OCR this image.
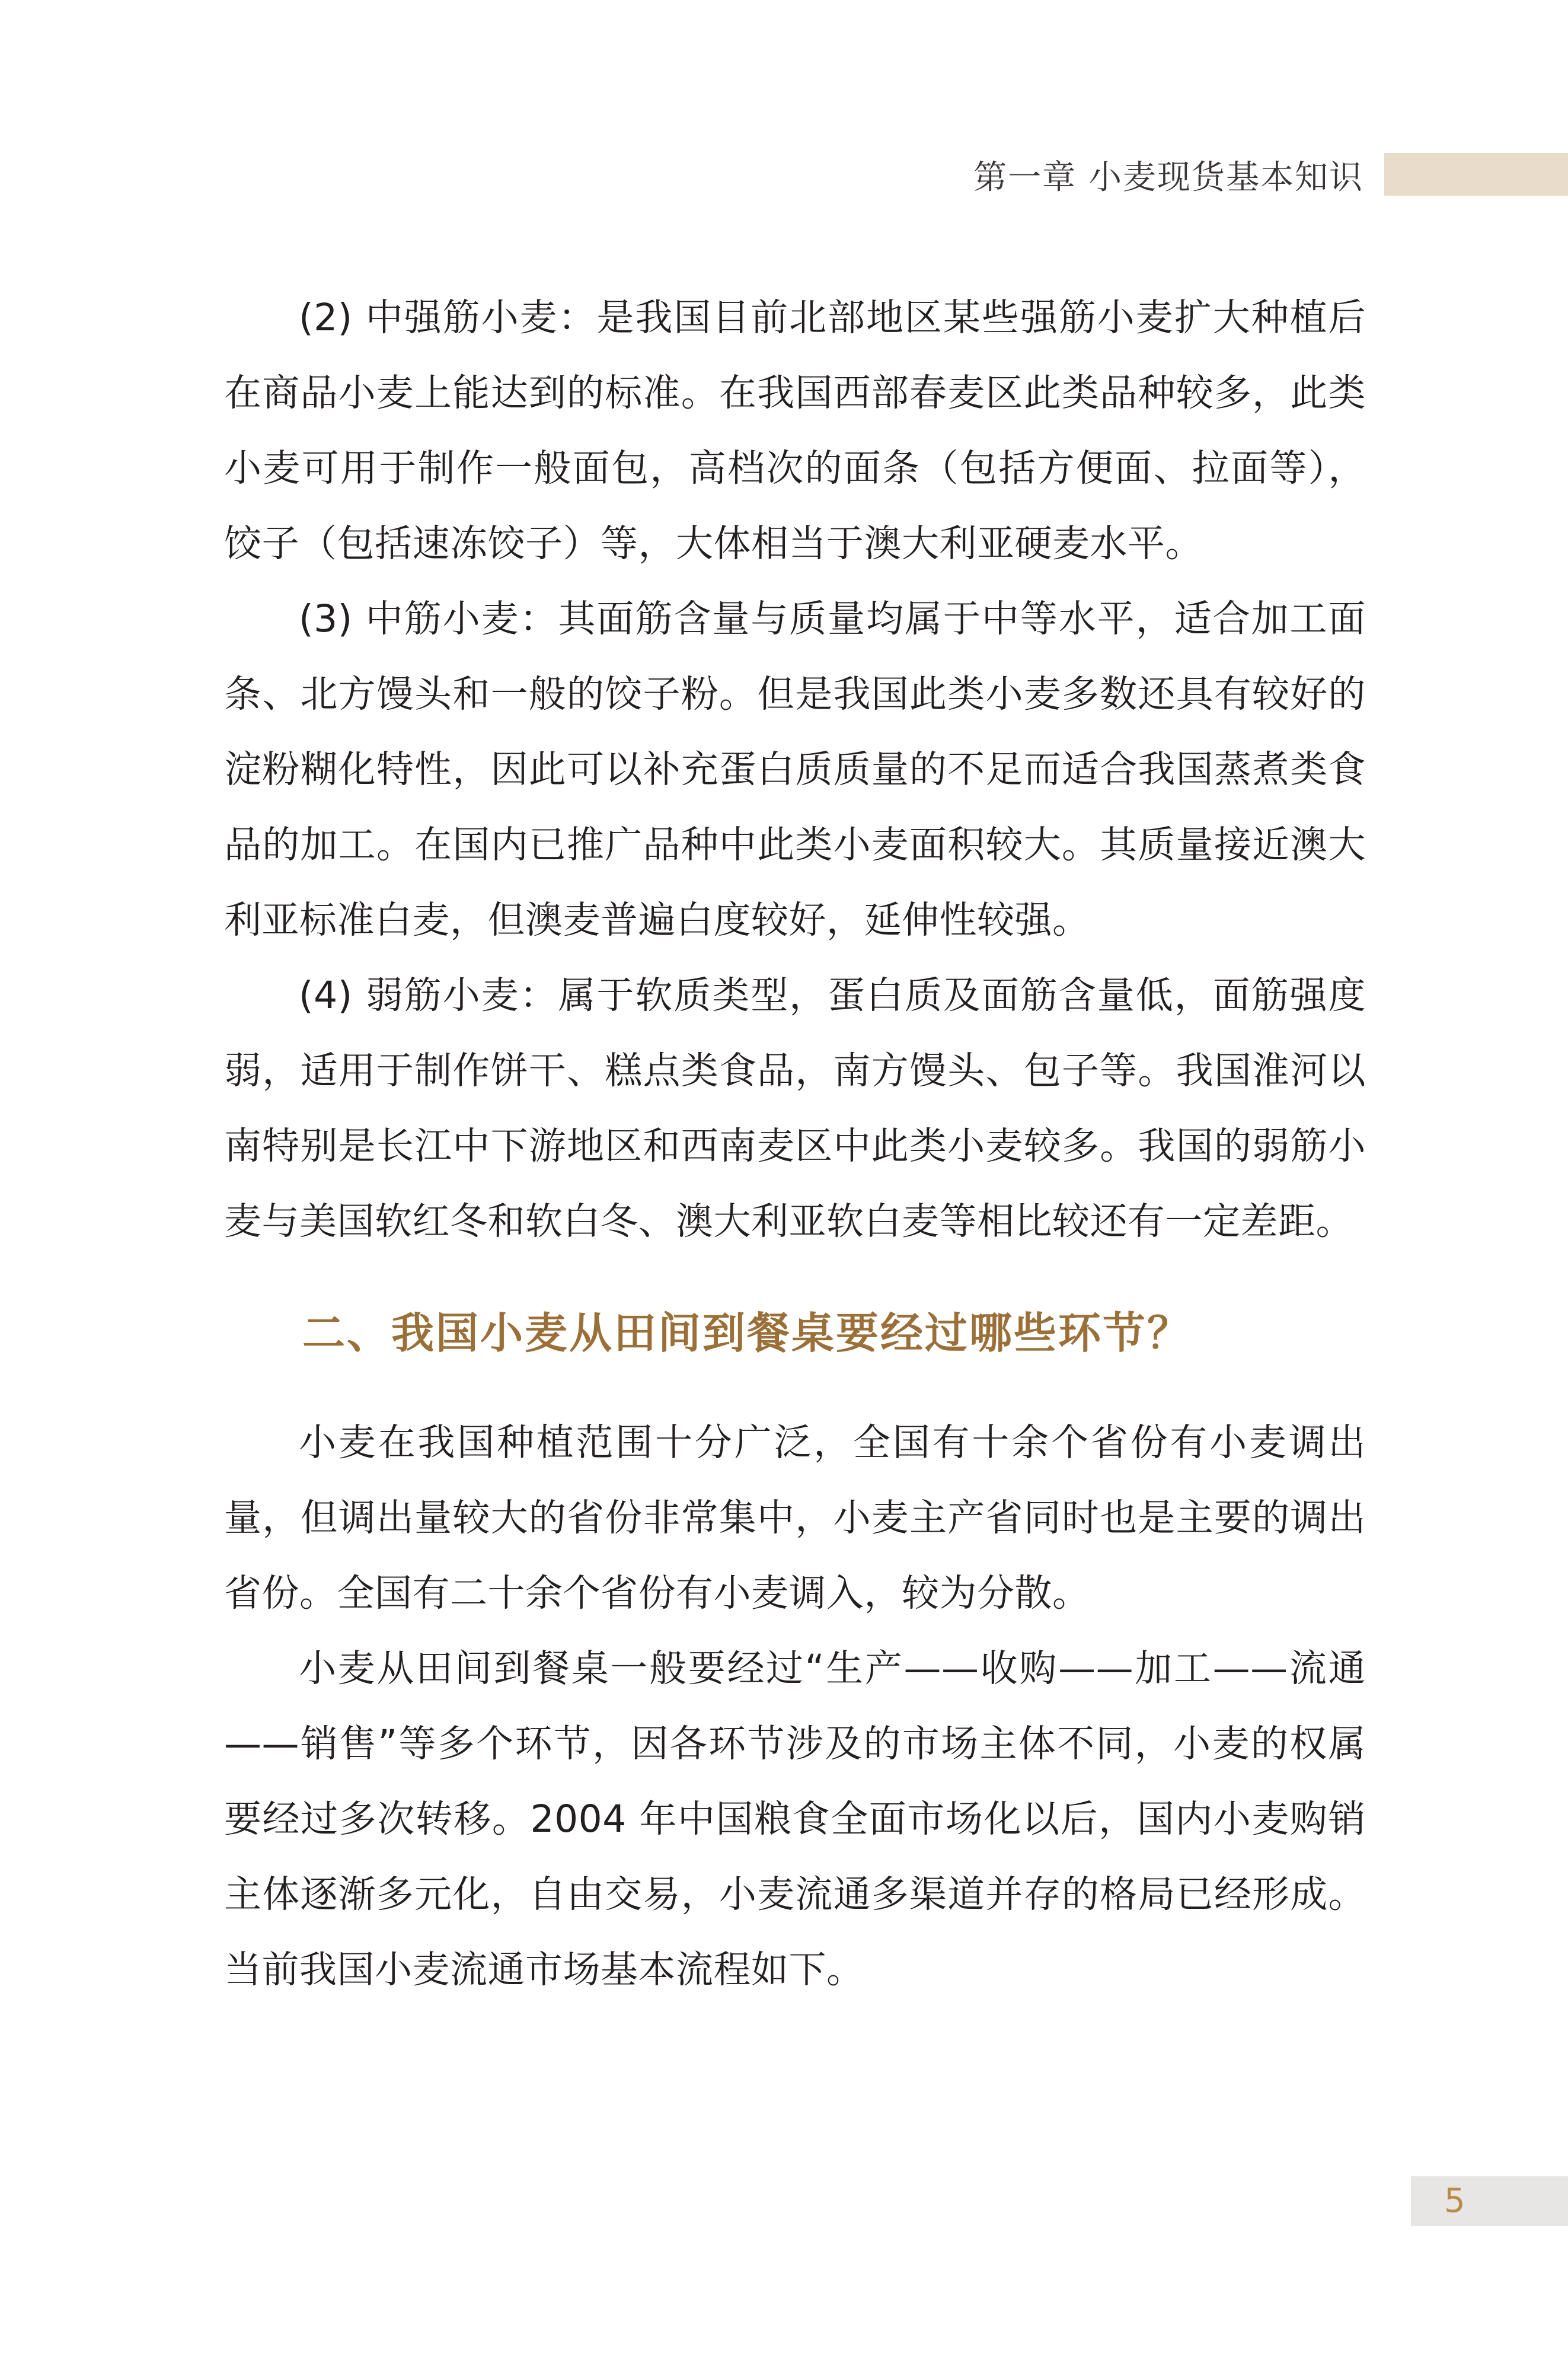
第一章 小麦现货基本知识

(2) 中强筋小麦：是我国目前北部地区某些强筋小麦扩大种植后在商品小麦上能达到的标准。在我国西部春麦区此类品种较多，此类小麦可用于制作一般面包，高档次的面条（包括方便面、拉面等），饺子（包括速冻饺子）等，大体相当于澳大利亚硬麦水平。

(3) 中筋小麦：其面筋含量与质量均属于中等水平，适合加工面条、北方馒头和一般的饺子粉。但是我国此类小麦多数还具有较好的淀粉糊化特性，因此可以补充蛋白质质量的不足而适合我国蒸煮类食品的加工。在国内已推广品种中此类小麦面积较大。其质量接近澳大利亚标准白麦，但澳麦普遍白度较好，延伸性较强。

(4) 弱筋小麦：属于软质类型，蛋白质及面筋含量低，面筋强度弱，适用于制作饼干、糕点类食品，南方馒头、包子等。我国淮河以南特别是长江中下游地区和西南麦区中此类小麦较多。我国的弱筋小麦与美国软红冬和软白冬、澳大利亚软白麦等相比较还有一定差距。

二、我国小麦从田间到餐桌要经过哪些环节？

小麦在我国种植范围十分广泛，全国有十余个省份有小麦调出量，但调出量较大的省份非常集中，小麦主产省同时也是主要的调出省份。全国有二十余个省份有小麦调入，较为分散。

小麦从田间到餐桌一般要经过“生产——收购——加工——流通——销售”等多个环节，因各环节涉及的市场主体不同，小麦的权属要经过多次转移。2004 年中国粮食全面市场化以后，国内小麦购销主体逐渐多元化，自由交易，小麦流通多渠道并存的格局已经形成。当前我国小麦流通市场基本流程如下。

5
